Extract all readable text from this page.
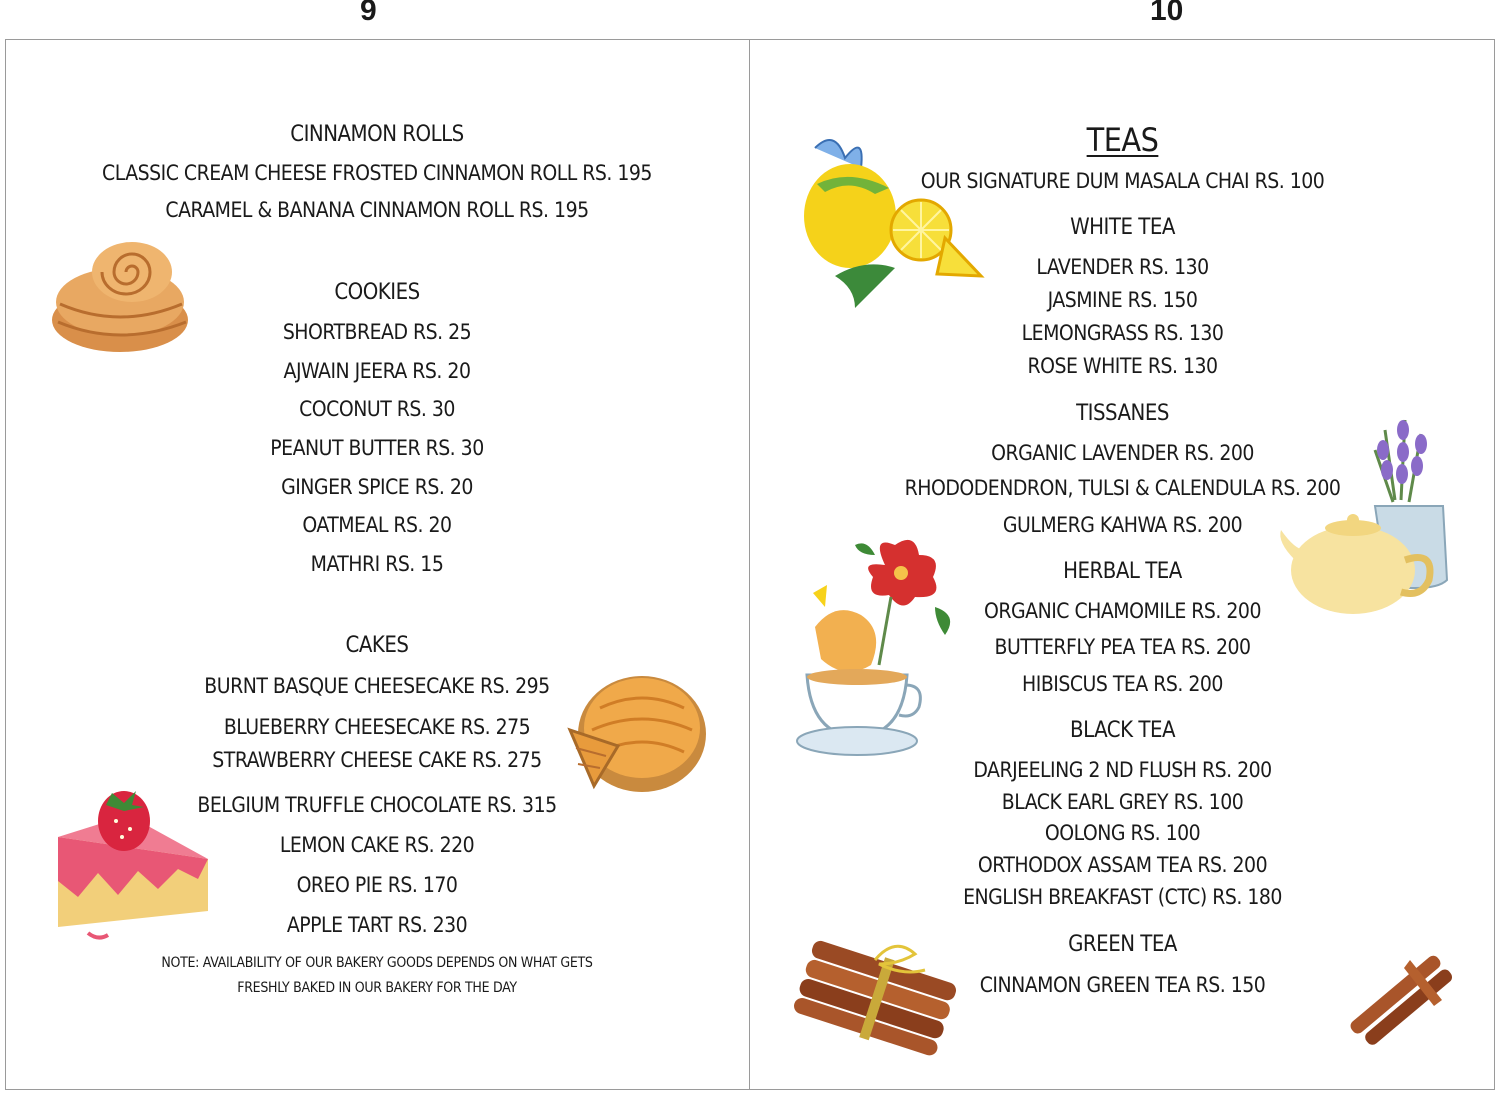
9	10
CINNAMON ROLLS
CLASSIC CREAM CHEESE FROSTED CINNAMON ROLL RS. 195
CARAMEL & BANANA CINNAMON ROLL RS. 195
COOKIES
SHORTBREAD RS. 25
AJWAIN JEERA RS. 20
COCONUT RS. 30
PEANUT BUTTER RS. 30
GINGER SPICE RS. 20
OATMEAL RS. 20
MATHRI RS. 15
CAKES
BURNT BASQUE CHEESECAKE RS. 295
BLUEBERRY CHEESECAKE RS. 275
STRAWBERRY CHEESE CAKE RS. 275
BELGIUM TRUFFLE CHOCOLATE RS. 315
LEMON CAKE RS. 220
OREO PIE RS. 170
APPLE TART RS. 230
NOTE: AVAILABILITY OF OUR BAKERY GOODS DEPENDS ON WHAT GETS
FRESHLY BAKED IN OUR BAKERY FOR THE DAY
TEAS
OUR SIGNATURE DUM MASALA CHAI RS. 100
WHITE TEA
LAVENDER RS. 130
JASMINE RS. 150
LEMONGRASS RS. 130
ROSE WHITE RS. 130
TISSANES
ORGANIC LAVENDER RS. 200
RHODODENDRON, TULSI & CALENDULA RS. 200
GULMERG KAHWA RS. 200
HERBAL TEA
ORGANIC CHAMOMILE RS. 200
BUTTERFLY PEA TEA RS. 200
HIBISCUS TEA RS. 200
BLACK TEA
DARJEELING 2 ND FLUSH RS. 200
BLACK EARL GREY RS. 100
OOLONG RS. 100
ORTHODOX ASSAM TEA RS. 200
ENGLISH BREAKFAST (CTC) RS. 180
GREEN TEA
CINNAMON GREEN TEA RS. 150
